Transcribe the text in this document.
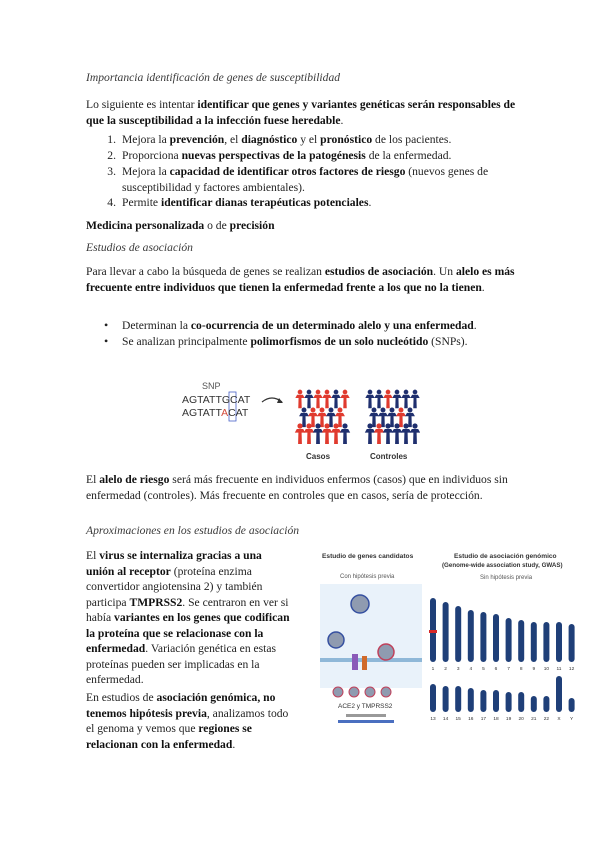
Importancia identificación de genes de susceptibilidad
Lo siguiente es intentar identificar que genes y variantes genéticas serán responsables de que la susceptibilidad a la infección fuese heredable.
1. Mejora la prevención, el diagnóstico y el pronóstico de los pacientes.
2. Proporciona nuevas perspectivas de la patogénesis de la enfermedad.
3. Mejora la capacidad de identificar otros factores de riesgo (nuevos genes de susceptibilidad y factores ambientales).
4. Permite identificar dianas terapéuticas potenciales.
Medicina personalizada o de precisión
Estudios de asociación
Para llevar a cabo la búsqueda de genes se realizan estudios de asociación. Un alelo es más frecuente entre individuos que tienen la enfermedad frente a los que no la tienen.
• Determinan la co-ocurrencia de un determinado alelo y una enfermedad.
• Se analizan principalmente polimorfismos de un solo nucleótido (SNPs).
SNP
AGTATTGCAT
AGTATTACAT
Casos	Controles
El alelo de riesgo será más frecuente en individuos enfermos (casos) que en individuos sin enfermedad (controles). Más frecuente en controles que en casos, sería de protección.
Aproximaciones en los estudios de asociación
El virus se internaliza gracias a una unión al receptor (proteína enzima convertidor angiotensina 2) y también participa TMPRSS2. Se centraron en ver si había variantes en los genes que codifican la proteína que se relacionase con la enfermedad. Variación genética en estas proteínas pueden ser implicadas en la enfermedad.
En estudios de asociación genómica, no tenemos hipótesis previa, analizamos todo el genoma y vemos que regiones se relacionan con la enfermedad.
Estudio de genes candidatos
Con hipótesis previa
ACE2 y TMPRSS2
Estudio de asociación genómico
(Genome-wide association study, GWAS)
Sin hipótesis previa
1 2 3 4 5 6 7 8 9 10 11 12
13 14 15 16 17 18 19 20 21 22 X Y
